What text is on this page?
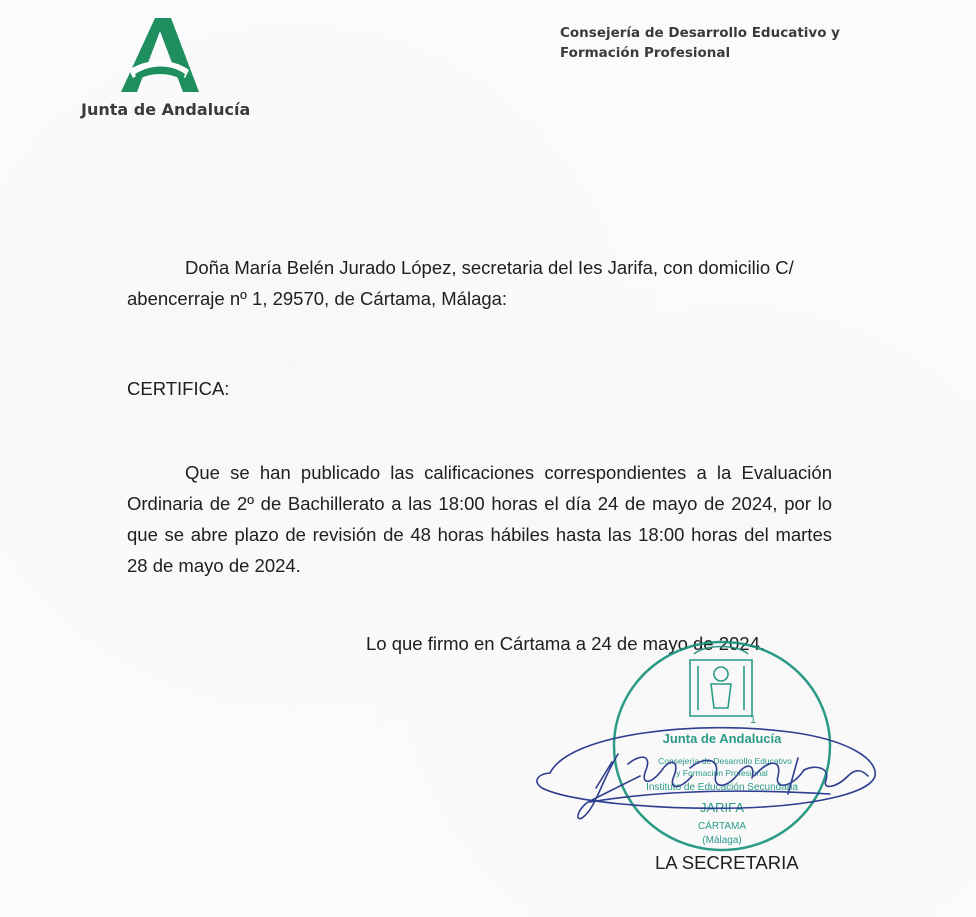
Junta de Andalucía
Consejería de Desarrollo Educativo y Formación Profesional

Doña María Belén Jurado López, secretaria del Ies Jarifa, con domicilio C/ abencerraje nº 1, 29570, de Cártama, Málaga:

CERTIFICA:

Que se han publicado las calificaciones correspondientes a la Evaluación Ordinaria de 2º de Bachillerato a las 18:00 horas el día 24 de mayo de 2024, por lo que se abre plazo de revisión de 48 horas hábiles hasta las 18:00 horas del martes 28 de mayo de 2024.

Lo que firmo en Cártama a 24 de mayo de 2024.

1
Junta de Andalucía
Consejería de Desarrollo Educativo
y Formación Profesional
Instituto de Educación Secundaria
JARIFA
CÁRTAMA
(Málaga)

LA SECRETARIA
